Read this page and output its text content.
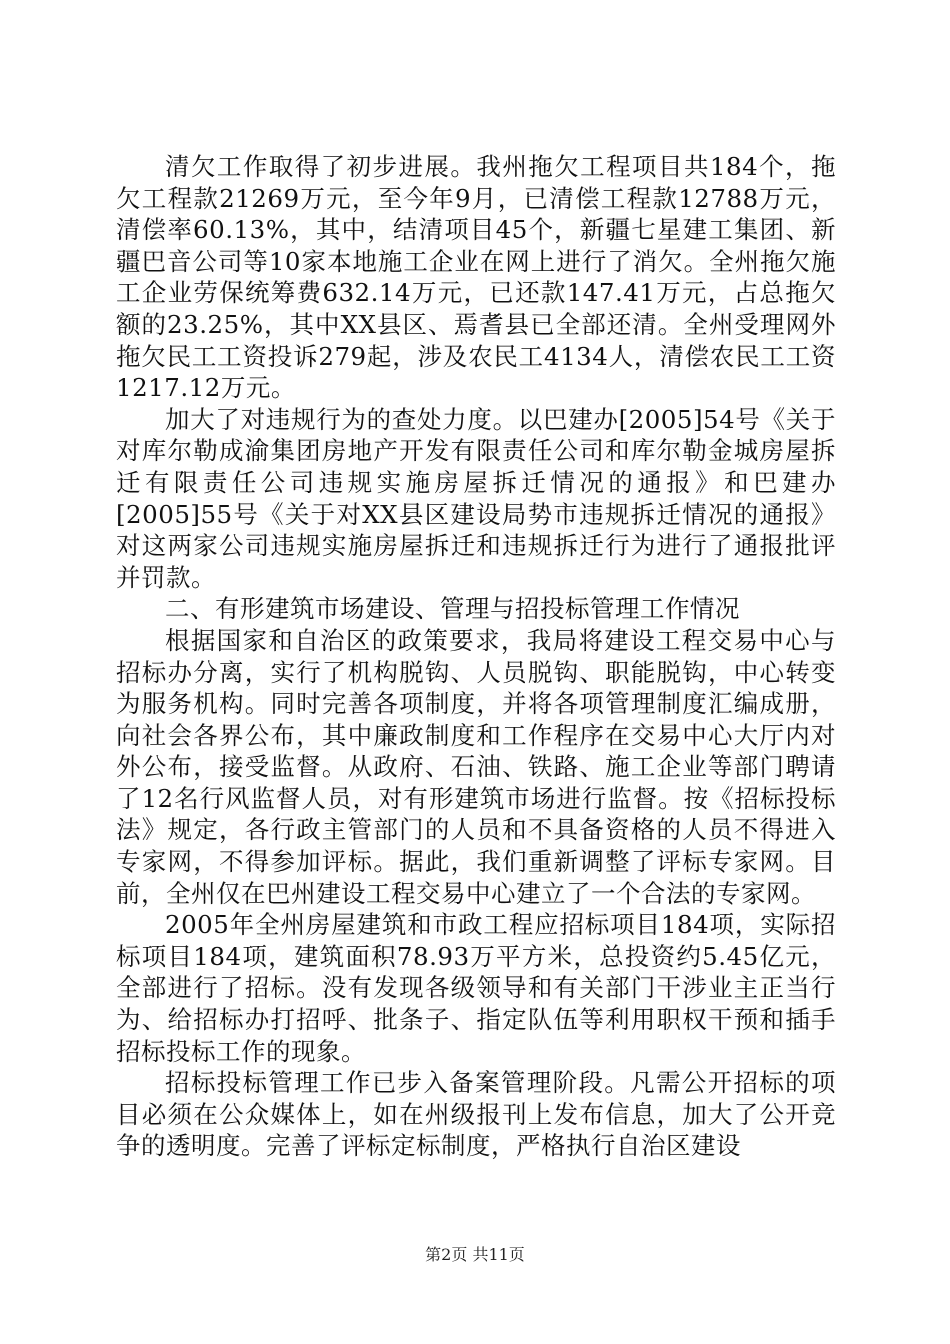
清欠工作取得了初步进展。我州拖欠工程项目共184个，拖欠工程款21269万元，至今年9月，已清偿工程款12788万元，清偿率60.13%，其中，结清项目45个，新疆七星建工集团、新疆巴音公司等10家本地施工企业在网上进行了消欠。全州拖欠施工企业劳保统筹费632.14万元，已还款147.41万元，占总拖欠额的23.25%，其中XX县区、焉耆县已全部还清。全州受理网外拖欠民工工资投诉279起，涉及农民工4134人，清偿农民工工资1217.12万元。

加大了对违规行为的查处力度。以巴建办[2005]54号《关于对库尔勒成渝集团房地产开发有限责任公司和库尔勒金城房屋拆迁有限责任公司违规实施房屋拆迁情况的通报》和巴建办[2005]55号《关于对XX县区建设局势市违规拆迁情况的通报》对这两家公司违规实施房屋拆迁和违规拆迁行为进行了通报批评并罚款。

二、有形建筑市场建设、管理与招投标管理工作情况

根据国家和自治区的政策要求，我局将建设工程交易中心与招标办分离，实行了机构脱钩、人员脱钩、职能脱钩，中心转变为服务机构。同时完善各项制度，并将各项管理制度汇编成册，向社会各界公布，其中廉政制度和工作程序在交易中心大厅内对外公布，接受监督。从政府、石油、铁路、施工企业等部门聘请了12名行风监督人员，对有形建筑市场进行监督。按《招标投标法》规定，各行政主管部门的人员和不具备资格的人员不得进入专家网，不得参加评标。据此，我们重新调整了评标专家网。目前，全州仅在巴州建设工程交易中心建立了一个合法的专家网。

2005年全州房屋建筑和市政工程应招标项目184项，实际招标项目184项，建筑面积78.93万平方米，总投资约5.45亿元，全部进行了招标。没有发现各级领导和有关部门干涉业主正当行为、给招标办打招呼、批条子、指定队伍等利用职权干预和插手招标投标工作的现象。

招标投标管理工作已步入备案管理阶段。凡需公开招标的项目必须在公众媒体上，如在州级报刊上发布信息，加大了公开竞争的透明度。完善了评标定标制度，严格执行自治区建设

第2页 共11页
